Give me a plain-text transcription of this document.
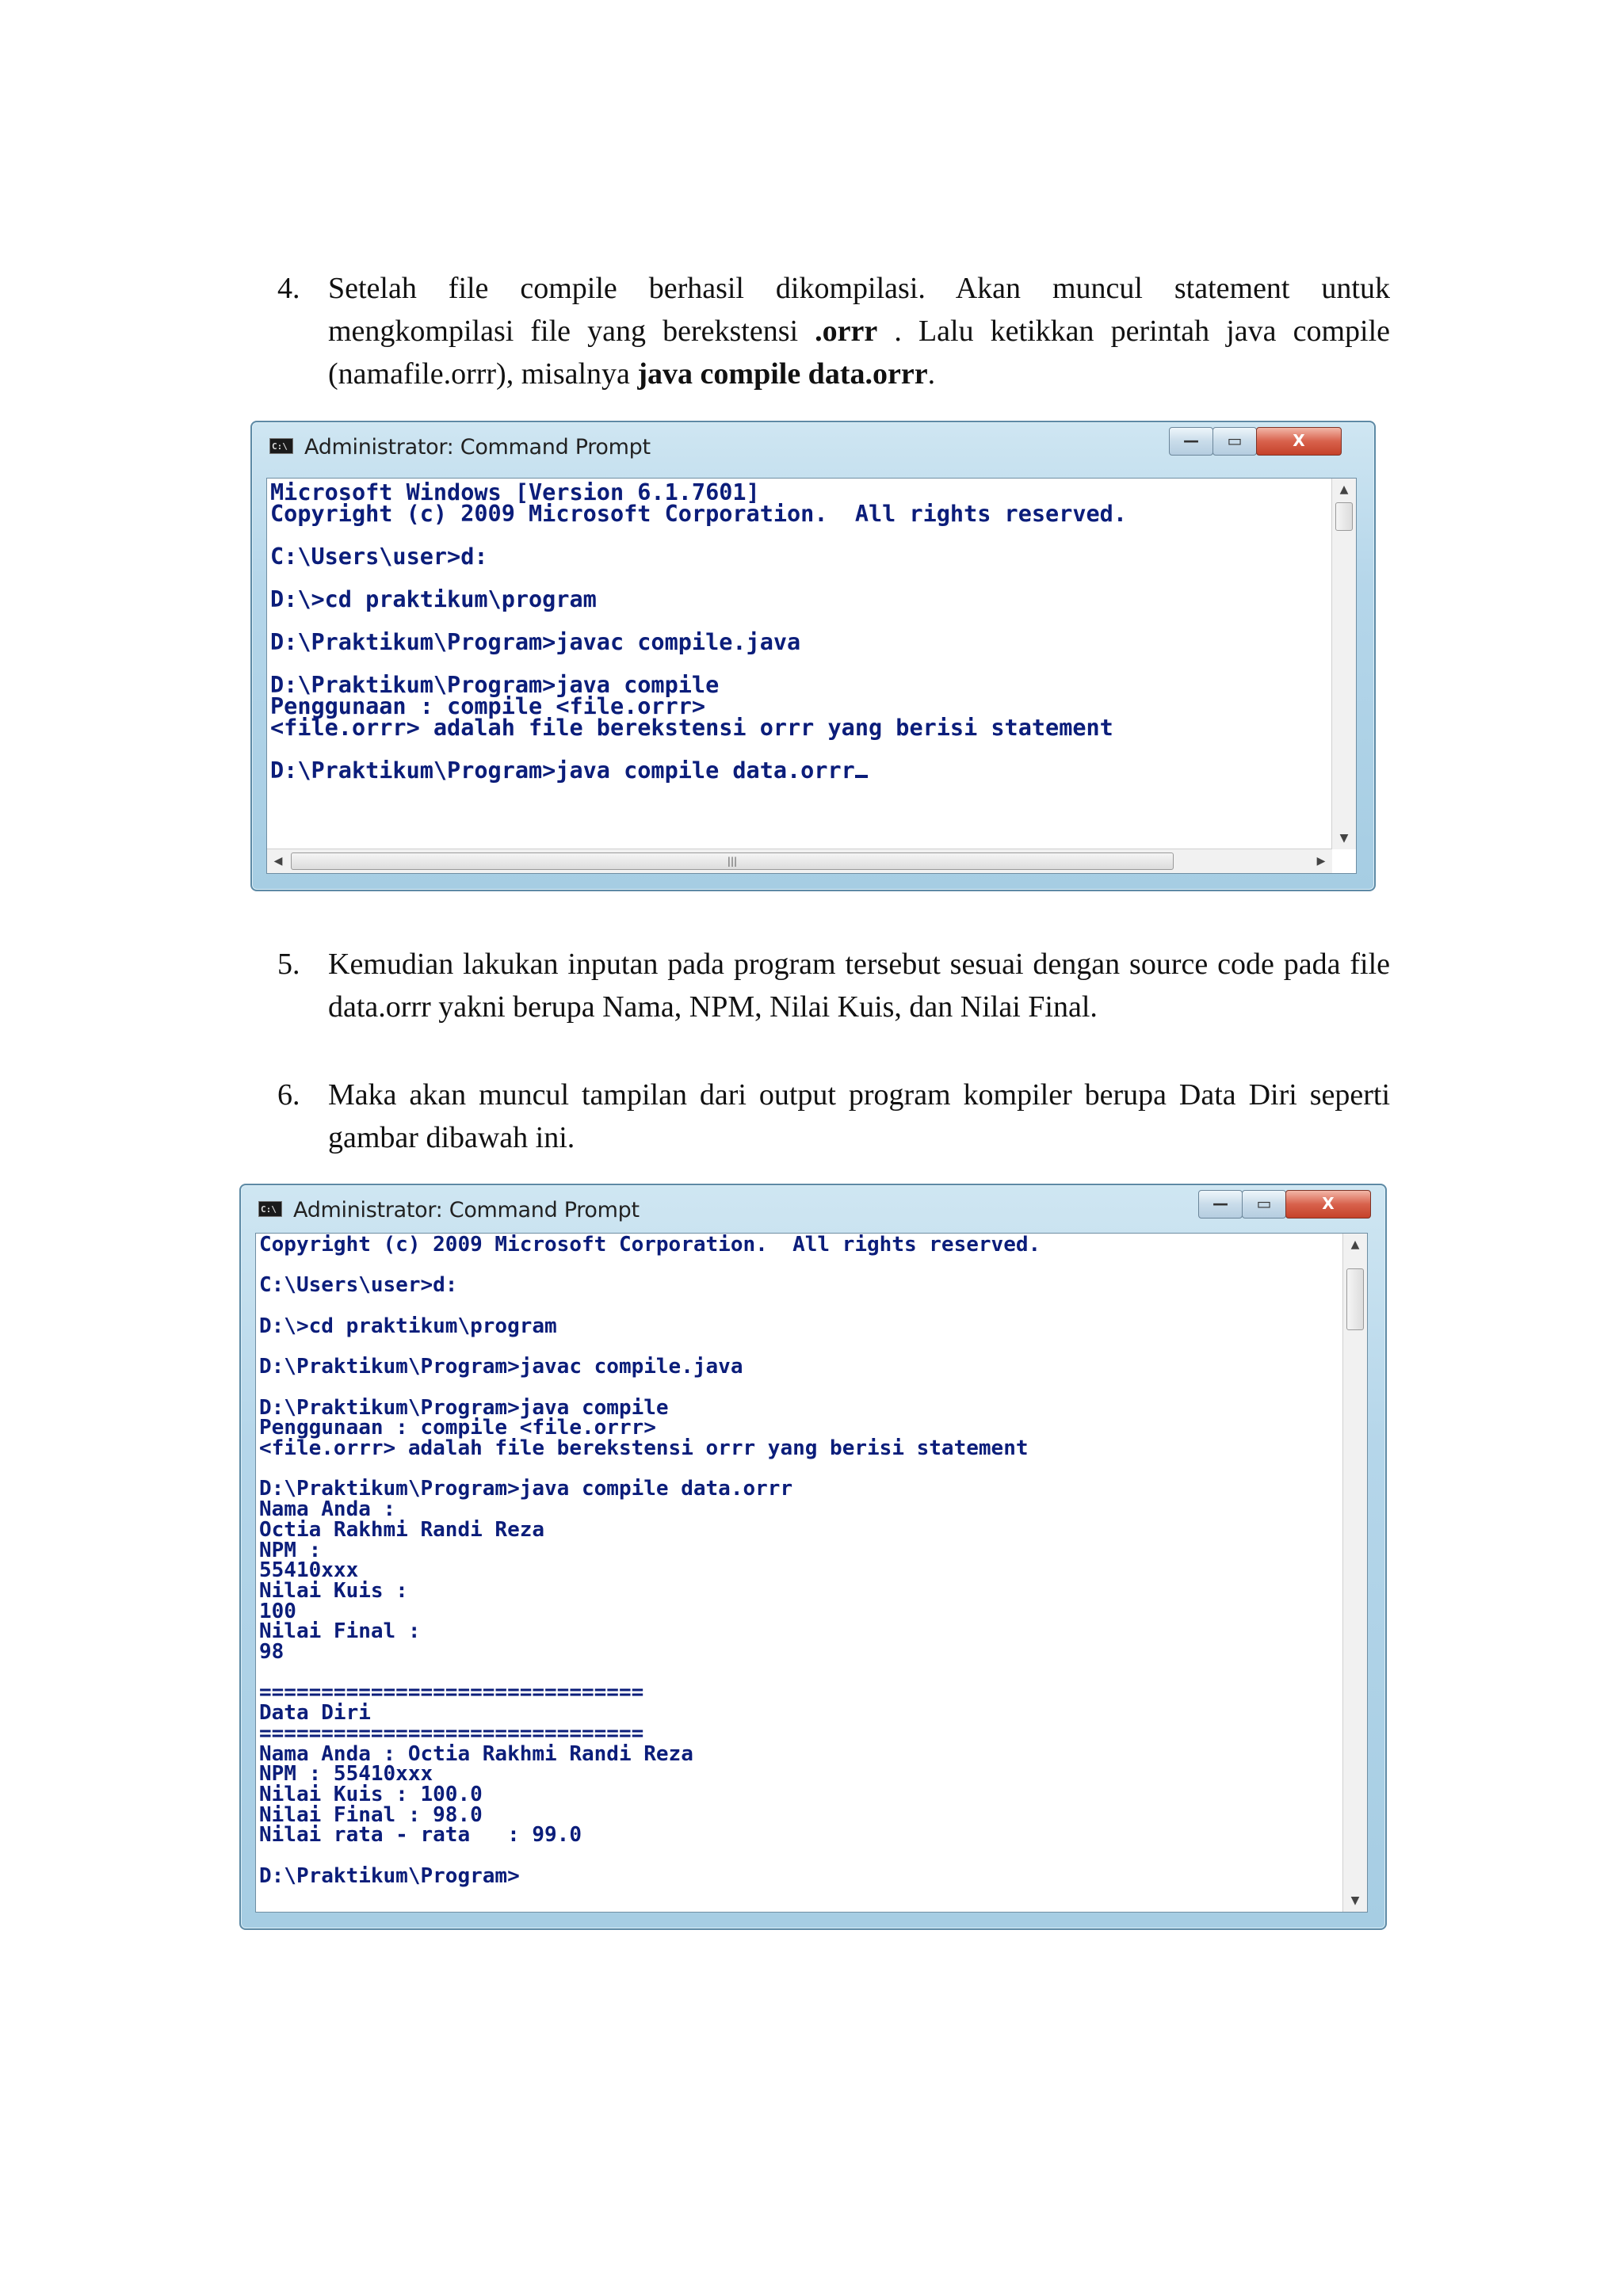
4. Setelah file compile berhasil dikompilasi. Akan muncul statement untuk mengkompilasi file yang berekstensi .orrr . Lalu ketikkan perintah java compile (namafile.orrr), misalnya java compile data.orrr.

C:\ Administrator: Command Prompt	—	▭	X
Microsoft Windows [Version 6.1.7601]
Copyright (c) 2009 Microsoft Corporation.  All rights reserved.

C:\Users\user>d:

D:\>cd praktikum\program

D:\Praktikum\Program>javac compile.java

D:\Praktikum\Program>java compile
Penggunaan : compile <file.orrr>
<file.orrr> adalah file berekstensi orrr yang berisi statement

D:\Praktikum\Program>java compile data.orrr
▲
▼
◀	|||	▶
5. Kemudian lakukan inputan pada program tersebut sesuai dengan source code pada file data.orrr yakni berupa Nama, NPM, Nilai Kuis, dan Nilai Final.

6. Maka akan muncul tampilan dari output program kompiler berupa Data Diri seperti gambar dibawah ini.

C:\ Administrator: Command Prompt	—	▭	X
Copyright (c) 2009 Microsoft Corporation.  All rights reserved.

C:\Users\user>d:

D:\>cd praktikum\program

D:\Praktikum\Program>javac compile.java

D:\Praktikum\Program>java compile
Penggunaan : compile <file.orrr>
<file.orrr> adalah file berekstensi orrr yang berisi statement

D:\Praktikum\Program>java compile data.orrr
Nama Anda :
Octia Rakhmi Randi Reza
NPM :
55410xxx
Nilai Kuis :
100
Nilai Final :
98

===============================
Data Diri
===============================
Nama Anda : Octia Rakhmi Randi Reza
NPM : 55410xxx
Nilai Kuis : 100.0
Nilai Final : 98.0
Nilai rata - rata   : 99.0

D:\Praktikum\Program>
▲
▼
